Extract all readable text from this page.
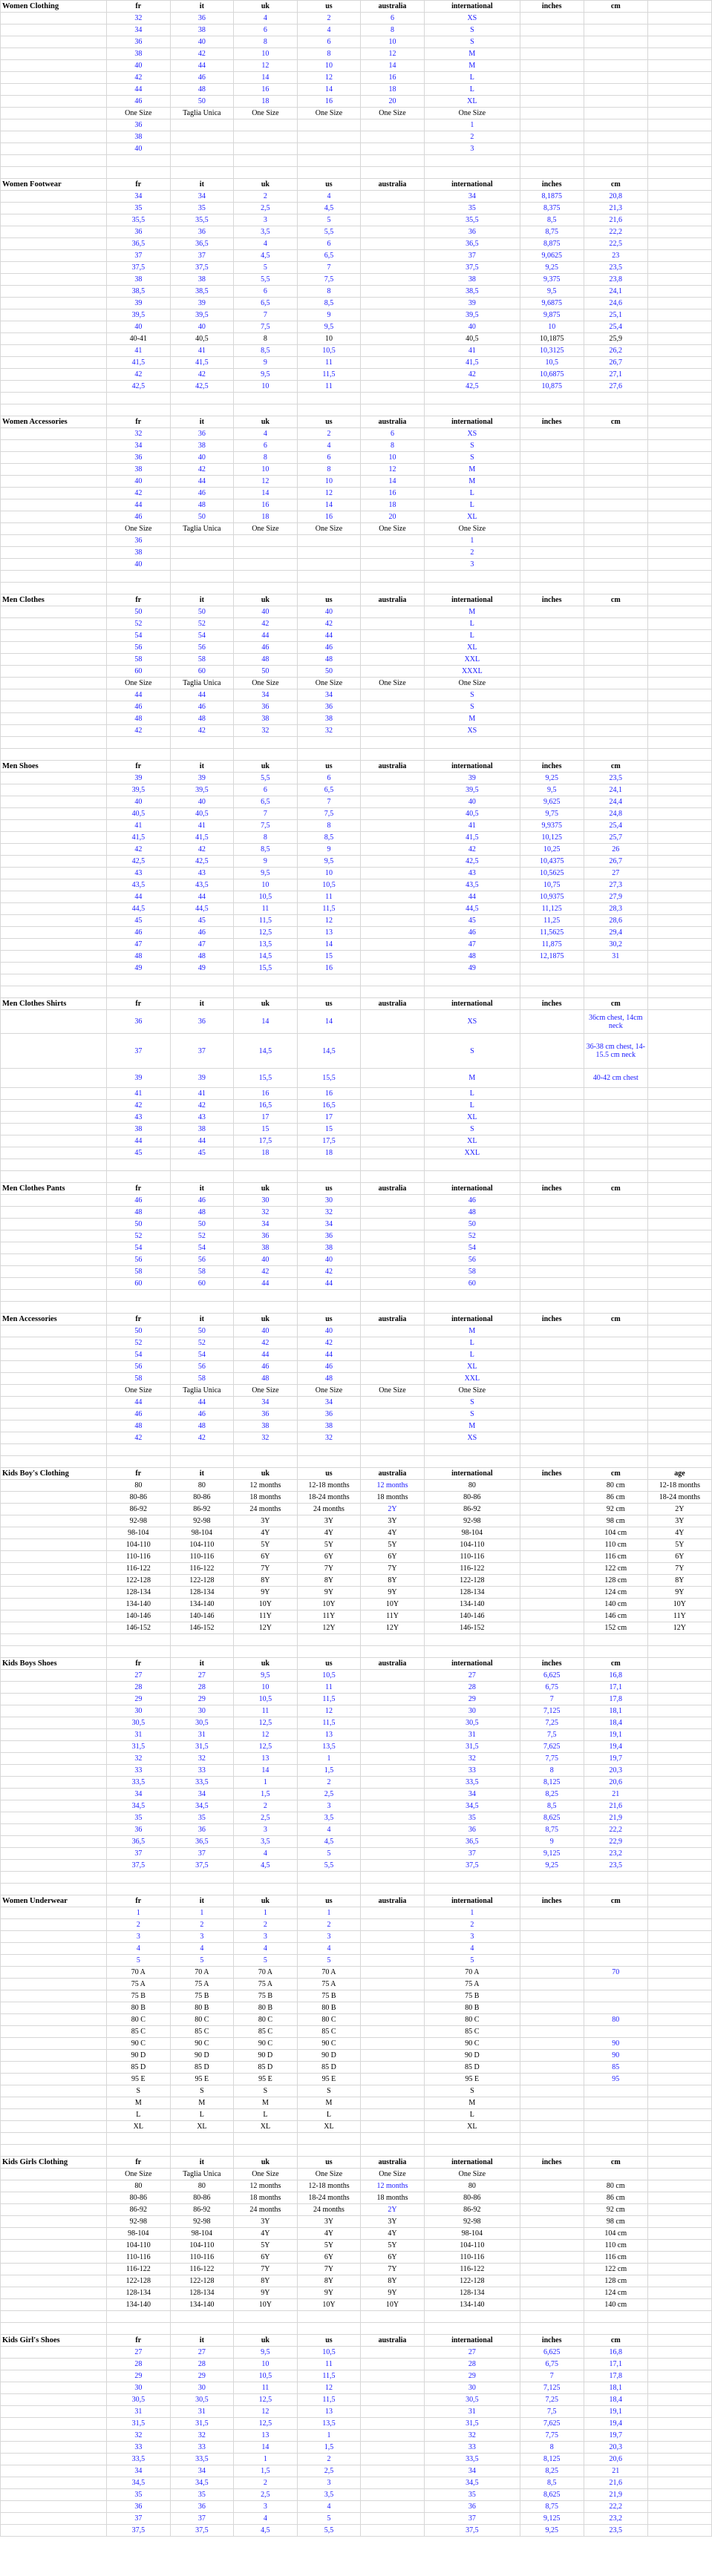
Women Clothing	fr	it	uk	us	australia	international	inches	cm	
	32	36	4	2	6	XS			
	34	38	6	4	8	S			
	36	40	8	6	10	S			
	38	42	10	8	12	M			
	40	44	12	10	14	M			
	42	46	14	12	16	L			
	44	48	16	14	18	L			
	46	50	18	16	20	XL			
	One Size	Taglia Unica	One Size	One Size	One Size	One Size			
	36					1			
	38					2			
	40					3			

Women Footwear	fr	it	uk	us	australia	international	inches	cm	
	34	34	2	4		34	8,1875	20,8	
	35	35	2,5	4,5		35	8,375	21,3	
	35,5	35,5	3	5		35,5	8,5	21,6	
	36	36	3,5	5,5		36	8,75	22,2	
	36,5	36,5	4	6		36,5	8,875	22,5	
	37	37	4,5	6,5		37	9,0625	23	
	37,5	37,5	5	7		37,5	9,25	23,5	
	38	38	5,5	7,5		38	9,375	23,8	
	38,5	38,5	6	8		38,5	9,5	24,1	
	39	39	6,5	8,5		39	9,6875	24,6	
	39,5	39,5	7	9		39,5	9,875	25,1	
	40	40	7,5	9,5		40	10	25,4	
	40-41	40,5	8	10		40,5	10,1875	25,9	
	41	41	8,5	10,5		41	10,3125	26,2	
	41,5	41,5	9	11		41,5	10,5	26,7	
	42	42	9,5	11,5		42	10,6875	27,1	
	42,5	42,5	10	11		42,5	10,875	27,6	

Women Accessories	fr	it	uk	us	australia	international	inches	cm	
	32	36	4	2	6	XS			
	34	38	6	4	8	S			
	36	40	8	6	10	S			
	38	42	10	8	12	M			
	40	44	12	10	14	M			
	42	46	14	12	16	L			
	44	48	16	14	18	L			
	46	50	18	16	20	XL			
	One Size	Taglia Unica	One Size	One Size	One Size	One Size			
	36					1			
	38					2			
	40					3			

Men Clothes	fr	it	uk	us	australia	international	inches	cm	
	50	50	40	40		M			
	52	52	42	42		L			
	54	54	44	44		L			
	56	56	46	46		XL			
	58	58	48	48		XXL			
	60	60	50	50		XXXL			
	One Size	Taglia Unica	One Size	One Size	One Size	One Size			
	44	44	34	34		S			
	46	46	36	36		S			
	48	48	38	38		M			
	42	42	32	32		XS			

Men Shoes	fr	it	uk	us	australia	international	inches	cm	
	39	39	5,5	6		39	9,25	23,5	
	39,5	39,5	6	6,5		39,5	9,5	24,1	
	40	40	6,5	7		40	9,625	24,4	
	40,5	40,5	7	7,5		40,5	9,75	24,8	
	41	41	7,5	8		41	9,9375	25,4	
	41,5	41,5	8	8,5		41,5	10,125	25,7	
	42	42	8,5	9		42	10,25	26	
	42,5	42,5	9	9,5		42,5	10,4375	26,7	
	43	43	9,5	10		43	10,5625	27	
	43,5	43,5	10	10,5		43,5	10,75	27,3	
	44	44	10,5	11		44	10,9375	27,9	
	44,5	44,5	11	11,5		44,5	11,125	28,3	
	45	45	11,5	12		45	11,25	28,6	
	46	46	12,5	13		46	11,5625	29,4	
	47	47	13,5	14		47	11,875	30,2	
	48	48	14,5	15		48	12,1875	31	
	49	49	15,5	16		49			

Men Clothes Shirts	fr	it	uk	us	australia	international	inches	cm	
	36	36	14	14		XS		36cm chest, 14cm neck	
	37	37	14,5	14,5		S		36-38 cm chest, 14-15.5 cm neck	
	39	39	15,5	15,5		M		40-42 cm chest	
	41	41	16	16		L			
	42	42	16,5	16,5		L			
	43	43	17	17		XL			
	38	38	15	15		S			
	44	44	17,5	17,5		XL			
	45	45	18	18		XXL			

Men Clothes Pants	fr	it	uk	us	australia	international	inches	cm	
	46	46	30	30		46			
	48	48	32	32		48			
	50	50	34	34		50			
	52	52	36	36		52			
	54	54	38	38		54			
	56	56	40	40		56			
	58	58	42	42		58			
	60	60	44	44		60			

Men Accessories	fr	it	uk	us	australia	international	inches	cm	
	50	50	40	40		M			
	52	52	42	42		L			
	54	54	44	44		L			
	56	56	46	46		XL			
	58	58	48	48		XXL			
	One Size	Taglia Unica	One Size	One Size	One Size	One Size			
	44	44	34	34		S			
	46	46	36	36		S			
	48	48	38	38		M			
	42	42	32	32		XS			

Kids Boy's Clothing	fr	it	uk	us	australia	international	inches	cm	age
	80	80	12 months	12-18 months	12 months	80		80 cm	12-18 months
	80-86	80-86	18 months	18-24 months	18 months	80-86		86 cm	18-24 months
	86-92	86-92	24 months	24 months	2Y	86-92		92 cm	2Y
	92-98	92-98	3Y	3Y	3Y	92-98		98 cm	3Y
	98-104	98-104	4Y	4Y	4Y	98-104		104 cm	4Y
	104-110	104-110	5Y	5Y	5Y	104-110		110 cm	5Y
	110-116	110-116	6Y	6Y	6Y	110-116		116 cm	6Y
	116-122	116-122	7Y	7Y	7Y	116-122		122 cm	7Y
	122-128	122-128	8Y	8Y	8Y	122-128		128 cm	8Y
	128-134	128-134	9Y	9Y	9Y	128-134		124 cm	9Y
	134-140	134-140	10Y	10Y	10Y	134-140		140 cm	10Y
	140-146	140-146	11Y	11Y	11Y	140-146		146 cm	11Y
	146-152	146-152	12Y	12Y	12Y	146-152		152 cm	12Y

Kids Boys Shoes	fr	it	uk	us	australia	international	inches	cm	
	27	27	9,5	10,5		27	6,625	16,8	
	28	28	10	11		28	6,75	17,1	
	29	29	10,5	11,5		29	7	17,8	
	30	30	11	12		30	7,125	18,1	
	30,5	30,5	12,5	11,5		30,5	7,25	18,4	
	31	31	12	13		31	7,5	19,1	
	31,5	31,5	12,5	13,5		31,5	7,625	19,4	
	32	32	13	1		32	7,75	19,7	
	33	33	14	1,5		33	8	20,3	
	33,5	33,5	1	2		33,5	8,125	20,6	
	34	34	1,5	2,5		34	8,25	21	
	34,5	34,5	2	3		34,5	8,5	21,6	
	35	35	2,5	3,5		35	8,625	21,9	
	36	36	3	4		36	8,75	22,2	
	36,5	36,5	3,5	4,5		36,5	9	22,9	
	37	37	4	5		37	9,125	23,2	
	37,5	37,5	4,5	5,5		37,5	9,25	23,5	

Women Underwear	fr	it	uk	us	australia	international	inches	cm	
	1	1	1	1		1			
	2	2	2	2		2			
	3	3	3	3		3			
	4	4	4	4		4			
	5	5	5	5		5			
	70 A	70 A	70 A	70 A		70 A		70	
	75 A	75 A	75 A	75 A		75 A			
	75 B	75 B	75 B	75 B		75 B			
	80 B	80 B	80 B	80 B		80 B			
	80 C	80 C	80 C	80 C		80 C		80	
	85 C	85 C	85 C	85 C		85 C			
	90 C	90 C	90 C	90 C		90 C		90	
	90 D	90 D	90 D	90 D		90 D		90	
	85 D	85 D	85 D	85 D		85 D		85	
	95 E	95 E	95 E	95 E		95 E		95	
	S	S	S	S		S			
	M	M	M	M		M			
	L	L	L	L		L			
	XL	XL	XL	XL		XL			

Kids Girls Clothing	fr	it	uk	us	australia	international	inches	cm	
	One Size	Taglia Unica	One Size	One Size	One Size	One Size			
	80	80	12 months	12-18 months	12 months	80		80 cm	
	80-86	80-86	18 months	18-24 months	18 months	80-86		86 cm	
	86-92	86-92	24 months	24 months	2Y	86-92		92 cm	
	92-98	92-98	3Y	3Y	3Y	92-98		98 cm	
	98-104	98-104	4Y	4Y	4Y	98-104		104 cm	
	104-110	104-110	5Y	5Y	5Y	104-110		110 cm	
	110-116	110-116	6Y	6Y	6Y	110-116		116 cm	
	116-122	116-122	7Y	7Y	7Y	116-122		122 cm	
	122-128	122-128	8Y	8Y	8Y	122-128		128 cm	
	128-134	128-134	9Y	9Y	9Y	128-134		124 cm	
	134-140	134-140	10Y	10Y	10Y	134-140		140 cm	

Kids Girl's Shoes	fr	it	uk	us	australia	international	inches	cm	
	27	27	9,5	10,5		27	6,625	16,8	
	28	28	10	11		28	6,75	17,1	
	29	29	10,5	11,5		29	7	17,8	
	30	30	11	12		30	7,125	18,1	
	30,5	30,5	12,5	11,5		30,5	7,25	18,4	
	31	31	12	13		31	7,5	19,1	
	31,5	31,5	12,5	13,5		31,5	7,625	19,4	
	32	32	13	1		32	7,75	19,7	
	33	33	14	1,5		33	8	20,3	
	33,5	33,5	1	2		33,5	8,125	20,6	
	34	34	1,5	2,5		34	8,25	21	
	34,5	34,5	2	3		34,5	8,5	21,6	
	35	35	2,5	3,5		35	8,625	21,9	
	36	36	3	4		36	8,75	22,2	
	37	37	4	5		37	9,125	23,2	
	37,5	37,5	4,5	5,5		37,5	9,25	23,5	
